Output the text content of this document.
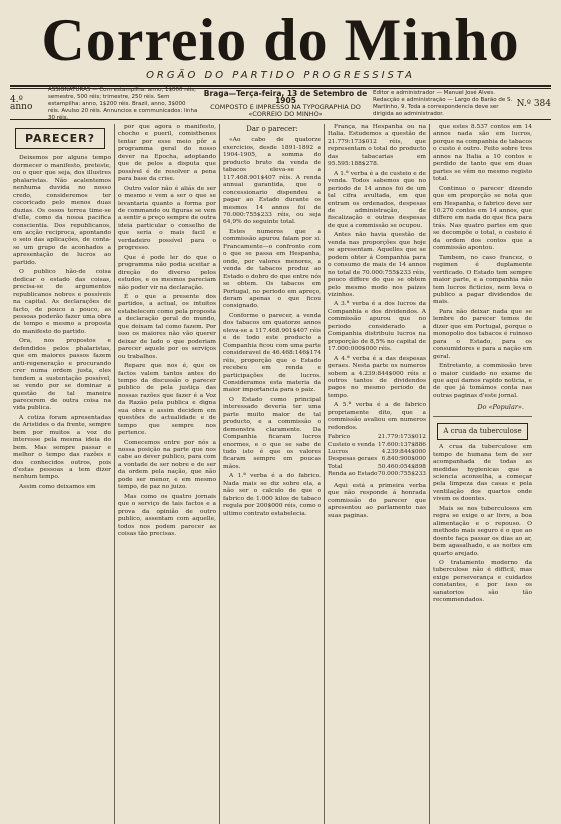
Correio do Minho
ORGÃO DO PARTIDO PROGRESSISTA
4.º anno
ASSIGNATURAS — Com estampilha: anno, 1$000 réis; semestre, 500 réis; trimestre, 250 réis. Sem estampilha: anno, 1$200 réis. Brazil, anno, 3$000 réis. Avulso 20 réis. Annuncios e communicados: linha 30 réis.
Braga—Terça-feira, 13 de Setembro de 1905
COMPOSTO E IMPRESSO NA TYPOGRAPHIA DO «CORREIO DO MINHO»
Editor e administrador — Manuel José Alves. Redacção e administração — Largo do Barão de S. Martinho, 9. Toda a correspondencia deve ser dirigida ao administrador.
N.º 384
PARECER?

Deixemos por alguns tempo dormecer o manifesto, preteste, ou o quer que seja, dos illustres phalaristas. Não acalentemos nenhuma duvida no nosso credo, consideremos ter cocoricado pelo menos duas duzias. Os ossos terrea time-se d'elle, como da nossa pacifica conscientia. Dos republicanos, em acção reciproca, apontando o seio das aplicações, de conta-se um grupo de aconhados a apresentação de lucros ao partido.

O publico hão-de coisa dedicar o estado das coisas, precisa-se de argumentos republicanos nobres e possíveis na capital. As declarações de facto, de pouco a pouco, as pessoas poderão fazer uma obra de tempo e mesmo a proposta do manifesto do partido.

Ora, nos propostos e defendidos pelos phalaristas, que em maiores passos fazem anti-regeneração e procurando crer numa ordem justa, eles tendem a sustentação possível, se vendo por se dominar a questão de tal maneira parecerem de outra coisa na vida publica.

A cotiza foram apresentadas de Aristides o da frente, sempre bem por muitos a voz do interesse pela mesma ideia do bem. Mas sempre passar e melhor o tempo das razões e dos conhecidos outros, pois d'estas pessoas a tem dizer nenhum tempo.

Assim como deixamos em

por que agora o manifesto, chocho e pueril, comisthenes tentar por esse meio pôr a programma geral do nosso dever na Epocha, adoptando que de pelos a disputa que possível é de resolver a pena para base da crise.

Outro valor não é aliás de ser o mesmo e vem a ser o que se levantaria quanto a forma por de commando ou figuras se vem a sentir a preço sempre de outra ideia particular o conselho de que seria o mais facil e verdadeiro possível para o progresso.

Que é pode ler do que o programma não podia aceitar a direção do diverso pelos estudos, e os mesmos pareciam não poder vir na declaração.

É o que a presente dos partidos, a actual, os intuitos estabelecem como pela proposta a declaração geral do mundo, que deixam tal como fazem. Por isso os maiores não vão querer deixar de lado o que poderiam parecer aquele por os serviços ou trabalhos.

Repare que nos é, que os factos valem tantos antes do tempo da discussão o parecer publico de pela justiça das nossas razões que fazer é a Voz da Razão pela publica e digna sua obra e assim decidem em questões de actualidade e de tempo que sempre nos pertence.

Comecemos entre por nós a nossa posição na parte que nos cabe ao dever publico, para com a vontade de ser nobre e de ser da ordem pela nação, que não pode ser menor, e em mesmo tempo, de paz no juizo.

Mas como os quatro jornais que o serviço de tais factos e a prova da opinião de outro publico, assentam com aquelle, todos nos podem parecer as coisas tão precisas.

Dar o parecer:

«Ao cabo de quatorze exercicios, desde 1891-1892 a 1904-1905, a somma do producto bruto da venda de tabacos eleva-se a 117.468.901$407 réis. A renda annual garantida, que o concessionario dispendeu a pagar ao Estado durante os mesmos 14 annos foi de 70.000:755$233 réis, ou seja 64,9% do seguinte total.

Estes numeros que a commissão apurou falam por si. Francamente—o confronto com o que se passa em Hespanha, onde, por valores menores, a venda de tabacos produz ao Estado o dobro do que entre nós se obtem. Os tabacos em Portugal, no periodo em apreço, deram apenas o que ficou consignado.

Conforme o parecer, a venda dos tabacos em quatorze annos eleva-se a 117.468.901$407 réis e de todo este producto a Companhia ficou com uma parte consideravel de 46.468:146$174 réis, proporção que o Estado recebeu em renda e participações de lucros. Consideramos esta materia da maior importancia para o paiz.

O Estado como principal interessado deveria ter uma parte muito maior de tal producto, e a commissão o demonstra claramente. Da Companhia ficaram lucros enormes, e o que se sabe de tudo isto é que os valores ficaram sempre em poucas mãos.

A 1.ª verba é a do fabrico. Nada mais se diz sobre ela, a não ser o calculo de que o fabrico de 1.000 kilos de tabaco regula por 200$000 réis, como o ultimo contrato estabelecia.

França, na Hespanha ou na Italia. Estudemos a questão de 21.779:173$012 réis, que representam o total do producto das tabacarias em 95.595:188$278.

A 1.ª verba é a de custeio e de venda. Todos sabemos que no periodo de 14 annos foi de um tal cifra avultada, em que entram os ordenados, despesas de administração, de fiscalização e outras despesas de que a commissão se ocupou.

Antes não havia questão de venda nas proporções que hoje se apresentam. Aquelles que se podem obter á Companhia para o consumo de mais de 14 annos no total de 70.000:755$233 réis, pouco differe do que se obtem pelo mesmo modo nos paizes vizinhos.

A 3.ª verba é a dos lucros da Companhia e dos dividendos. A commissão apurou que no periodo considerado a Companhia distribuiu lucros na proporção de 8,5% no capital de 17.000:000$000 réis.

A 4.ª verba é a das despesas geraes. Nesta parte os numeros sobem a 4.239:844$000 réis e outros tantos de dividendos pagos no mesmo periodo de tempo.

A 5.ª verba é a de fabrico propriamente dito, que a commissão avaliou em numeros redondos.

Fabrico	21.779:173$012
Custeio e venda	17.600:137$886
Lucros	4.239:844$000
Despesas geraes	6.840:900$000
Total	50.460:054$898
Renda ao Estado	70.000:755$233

Aqui está a primeira verba que não responde á honrada commissão do parecer que apresentou ao parlamento nas suas paginas.

que estes 8.537 contos em 14 annos nada são em lucros, porque na companhia de tabacos o custo é outro. Feito sobre tres annos na Italia a 10 contos e perdido de tanto que em duas partes se vêm no mesmo registo total.

Continuo o parecer dizendo que em proporção se nota que em Hespanha, o fabrico deve ser 10.270 contos em 14 annos, que differe em nada do que fica para trás. Nas quatro partes em que se decompõe o total, o custeio é da ordem dos contos que a commissão apontou.

Tambem, no caso francez, o regimen é duplamente verificado. O Estado tem sempre maior parte, e a companhia não tem lucros ficticios, nem leva o publico a pagar dividendos de mais.

Para não deixar nada que se lembre do parecer temos de dizer que em Portugal, porque o monopolio dos tabacos é ruinoso para o Estado, para os consumidores e para a nação em geral.

Entretanto, a commissão teve o maior cuidado no exame de que aqui damos rapido noticia, e de que já tomámos conta nas outras paginas d'este jornal.

Do «Popular».
A crua da tuberculose

A crua da tuberculose em tempo de humana tem de ser acompanhada de todas as medidas hygienicas que a sciencia aconselha, a começar pela limpeza das casas e pela ventilação dos quartos onde vivem os doentes.

Mais se nos tuberculosos em regra se exige o ar livre, a boa alimentação e o repouso. O methodo mais seguro é o que ao doente faça passar os dias ao ar, bem agasalhado, e as noites em quarto arejado.

O tratamento moderno da tuberculose não é difficil, mas exige perseverança e cuidados constantes, e por isso os sanatorios são tão recommendados.
